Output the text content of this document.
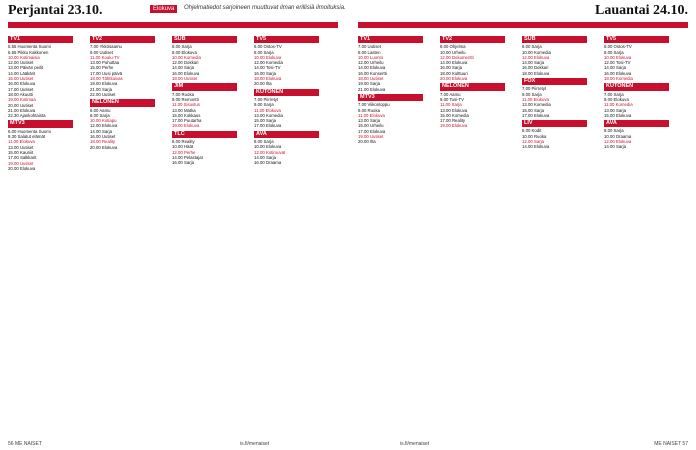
Perjantai 23.10.	Elokuva	Ohjelmatiedot sarjoineen muuttuvat ilman erillisiä ilmoituksia.	Lauantai 24.10.
TV1
5.55 Huomenta Suomi
6.55 Pikku Kakkonen
10.00 Kotimaisia
12.00 Uutiset
13.00 Päivän peilit
14.00 Lääkärit
15.00 Uutiset
16.00 Elokuva
17.00 Uutiset
18.00 Akuutti
19.00 Kotimaa
20.00 Uutiset
21.00 Elokuva
22.30 Ajankohtaista
MTV3
6.00 Huomenta Suomi
9.30 Salatut elämät
11.00 Elokuva
13.00 Uutiset
15.00 Kauniit
17.00 Salkkarit
19.00 Uutiset
20.00 Elokuva
TV2
7.00 Ykkösaamu
9.00 Uutiset
11.00 Koulu-TV
13.00 Puhuttaa
15.00 Perhe
17.00 Uusi päivä
18.00 Tähtitaivas
19.00 Elokuva
21.00 Sarja
22.00 Uutiset
NELONEN
6.00 Aamu
8.00 Sarja
10.00 Kotiapu
12.00 Elokuva
14.00 Sarja
16.00 Uutiset
18.00 Reality
20.00 Elokuva
SUB
6.00 Sarja
8.00 Elokuva
10.00 Komedia
12.00 Dokkari
14.00 Sarja
16.00 Elokuva
18.00 Uutiset
JIM
7.00 Ruoka
9.00 Remontti
11.00 Sisustus
13.00 Matka
15.00 Kokkaus
17.00 Puutarha
19.00 Elokuva
TLC
8.00 Reality
10.00 Häät
12.00 Perhe
14.00 Pelastajat
16.00 Sarja
TV5
6.00 Ostos-TV
8.00 Sarja
10.00 Elokuva
12.00 Komedia
14.00 Tosi-TV
16.00 Sarja
18.00 Elokuva
20.00 Ilta
KUTONEN
7.00 Piirretyt
9.00 Sarja
11.00 Elokuva
13.00 Komedia
15.00 Sarja
17.00 Elokuva
AVA
8.00 Sarja
10.00 Elokuva
12.00 Kotirouvat
14.00 Sarja
16.00 Draama
TV1
7.00 Uutiset
8.00 Lasten
10.00 Luonto
12.00 Urheilu
14.00 Elokuva
16.00 Konsertti
18.00 Uutiset
19.00 Sarja
21.00 Elokuva
MTV3
7.00 Viikonloppu
9.00 Ruoka
11.00 Elokuva
13.00 Sarja
15.00 Urheilu
17.00 Elokuva
19.00 Uutiset
20.00 Ilta
TV2
8.00 Ohjelma
10.00 Urheilu
12.00 Dokumentti
14.00 Elokuva
16.00 Sarja
18.00 Kulttuuri
20.00 Elokuva
NELONEN
7.00 Aamu
9.00 Tosi-TV
11.00 Sarja
13.00 Elokuva
15.00 Komedia
17.00 Reality
19.00 Elokuva
SUB
8.00 Sarja
10.00 Komedia
12.00 Elokuva
14.00 Sarja
16.00 Dokkari
18.00 Elokuva
FOX
7.00 Piirretyt
9.00 Sarja
11.00 Elokuva
13.00 Komedia
15.00 Sarja
17.00 Elokuva
LIV
8.00 Kodit
10.00 Ruoka
12.00 Sarja
14.00 Elokuva
TV5
6.00 Ostos-TV
8.00 Sarja
10.00 Elokuva
12.00 Tosi-TV
14.00 Sarja
16.00 Elokuva
18.00 Komedia
KUTONEN
7.00 Sarja
9.00 Elokuva
11.00 Komedia
13.00 Sarja
15.00 Elokuva
AVA
8.00 Sarja
10.00 Draama
12.00 Elokuva
14.00 Sarja
56 ME NAISET	is.fi/menaiset	is.fi/menaiset	ME NAISET 57
